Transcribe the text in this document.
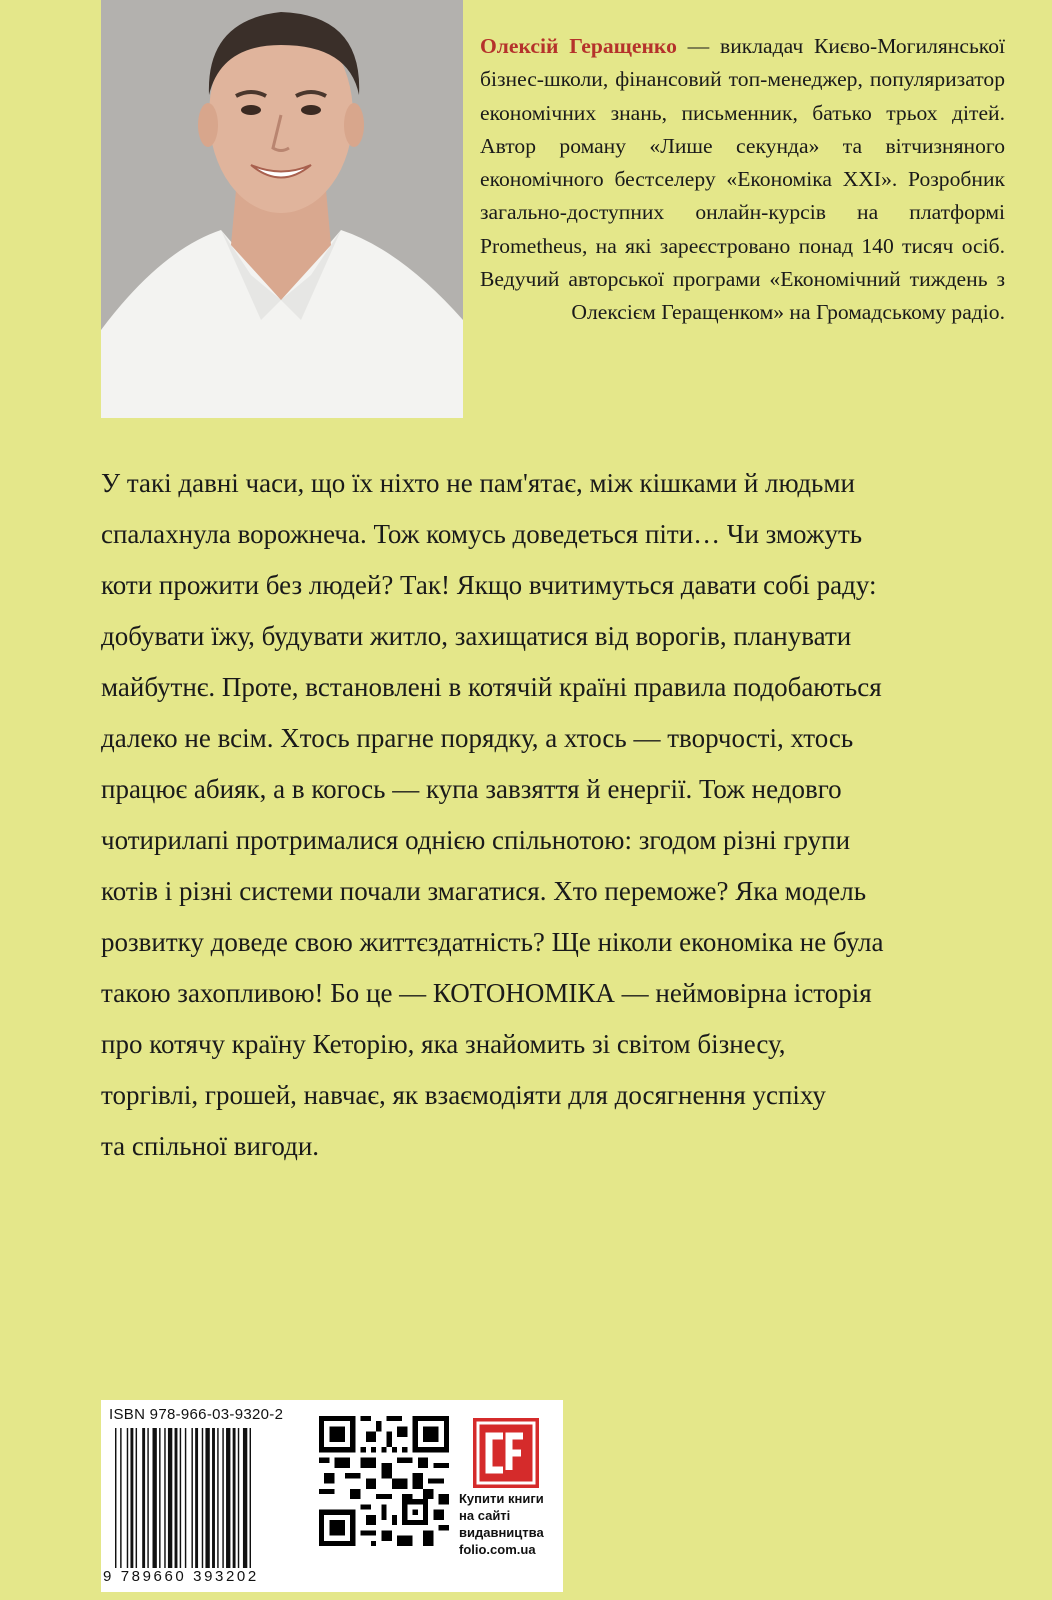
Олексій Геращенко — викладач Києво-Могилянської бізнес-школи, фінансовий топ-менеджер, популяризатор економічних знань, письменник, батько трьох дітей. Автор роману «Лише секунда» та вітчизняного економічного бестселеру «Економіка XXI». Розробник загально-доступних онлайн-курсів на платформі Prometheus, на які зареєстровано понад 140 тисяч осіб. Ведучий авторської програми «Економічний тиждень з Олексієм Геращенком» на Громадському радіо.

У такі давні часи, що їх ніхто не пам'ятає, між кішками й людьми
спалахнула ворожнеча. Тож комусь доведеться піти… Чи зможуть
коти прожити без людей? Так! Якщо вчитимуться давати собі раду:
добувати їжу, будувати житло, захищатися від ворогів, планувати
майбутнє. Проте, встановлені в котячій країні правила подобаються
далеко не всім. Хтось прагне порядку, а хтось — творчості, хтось
працює абияк, а в когось — купа завзяття й енергії. Тож недовго
чотирилапі протрималися однією спільнотою: згодом різні групи
котів і різні системи почали змагатися. Хто переможе? Яка модель
розвитку доведе свою життєздатність? Ще ніколи економіка не була
такою захопливою! Бо це — КОТОНОМІКА — неймовірна історія
про котячу країну Кеторію, яка знайомить зі світом бізнесу,
торгівлі, грошей, навчає, як взаємодіяти для досягнення успіху
та спільної вигоди.
ISBN 978-966-03-9320-2
9 789660 393202
Купити книги
на сайті
видавництва
folio.com.ua
